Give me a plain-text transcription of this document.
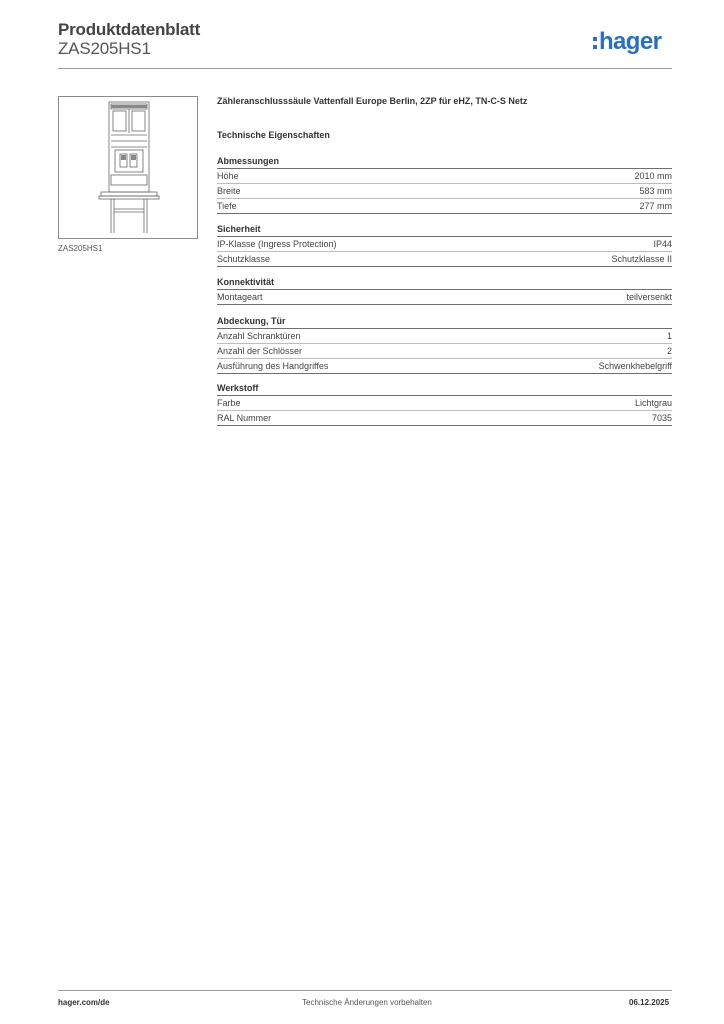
Produktdatenblatt
ZAS205HS1	hager
ZAS205HS1
Zähleranschlusssäule Vattenfall Europe Berlin, 2ZP für eHZ, TN-C-S Netz
Technische Eigenschaften
Abmessungen
Höhe	2010 mm
Breite	583 mm
Tiefe	277 mm
Sicherheit
IP-Klasse (Ingress Protection)	IP44
Schutzklasse	Schutzklasse II
Konnektivität
Montageart	teilversenkt
Abdeckung, Tür
Anzahl Schranktüren	1
Anzahl der Schlösser	2
Ausführung des Handgriffes	Schwenkhebelgriff
Werkstoff
Farbe	Lichtgrau
RAL Nummer	7035
hager.com/de	Technische Änderungen vorbehalten	06.12.2025
